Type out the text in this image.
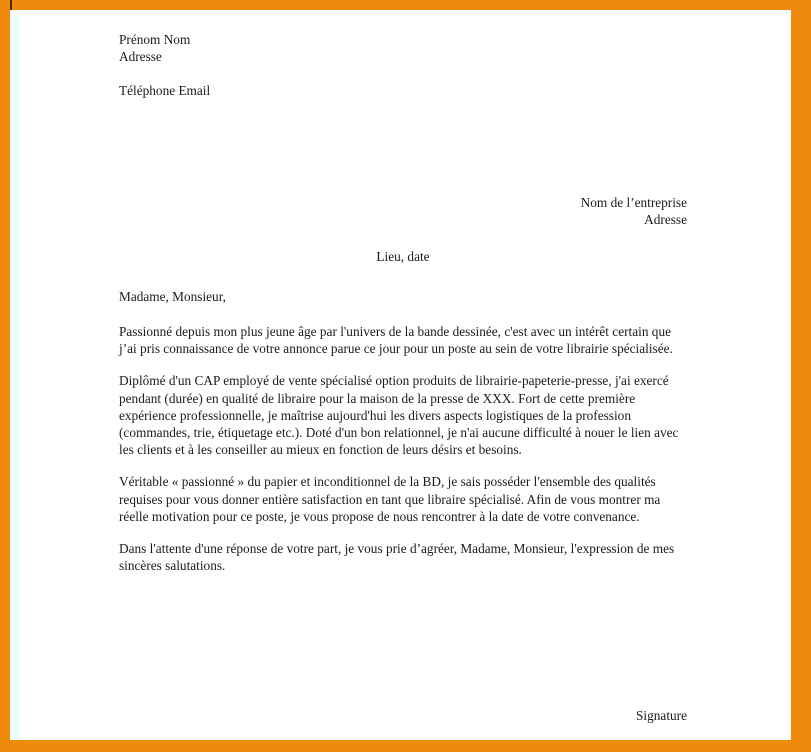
Prénom Nom
Adresse
Téléphone Email
Nom de l’entreprise
Adresse
Lieu, date
Madame, Monsieur,

Passionné depuis mon plus jeune âge par l'univers de la bande dessinée, c'est avec un intérêt certain que j’ai pris connaissance de votre annonce parue ce jour pour un poste au sein de votre librairie spécialisée.

Diplômé d'un CAP employé de vente spécialisé option produits de librairie-papeterie-presse, j'ai exercé pendant (durée) en qualité de libraire pour la maison de la presse de XXX. Fort de cette première expérience professionnelle, je maîtrise aujourd'hui les divers aspects logistiques de la profession (commandes, trie, étiquetage etc.). Doté d'un bon relationnel, je n'ai aucune difficulté à nouer le lien avec les clients et à les conseiller au mieux en fonction de leurs désirs et besoins.

Véritable « passionné » du papier et inconditionnel de la BD, je sais posséder l'ensemble des qualités requises pour vous donner entière satisfaction en tant que libraire spécialisé. Afin de vous montrer ma réelle motivation pour ce poste, je vous propose de nous rencontrer à la date de votre convenance.

Dans l'attente d'une réponse de votre part, je vous prie d’agréer, Madame, Monsieur, l'expression de mes sincères salutations.

Signature
